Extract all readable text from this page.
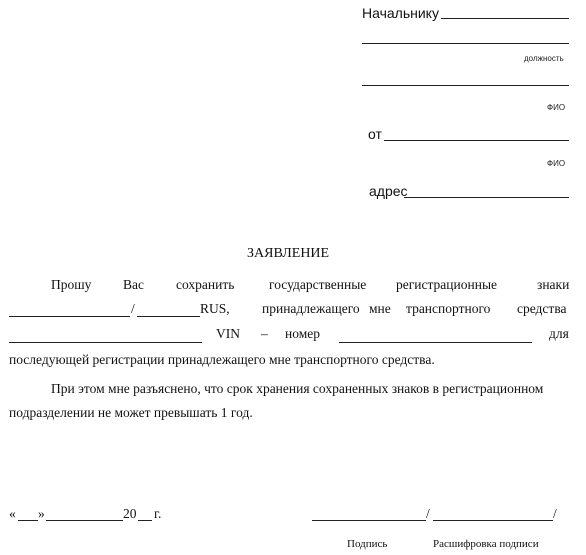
Начальнику
должность
ФИО
от
ФИО
адрес
ЗАЯВЛЕНИЕ
Прошу Вас сохранить	государственные регистрационные	знаки
/	RUS, принадлежащего мне транспортного средства
VIN – номер	для
последующей регистрации принадлежащего мне транспортного средства.
При этом мне разъяснено, что срок хранения сохраненных знаков в регистрационном
подразделении не может превышать 1 год.
« »	20 г.	/	/
Подпись	Расшифровка подписи
